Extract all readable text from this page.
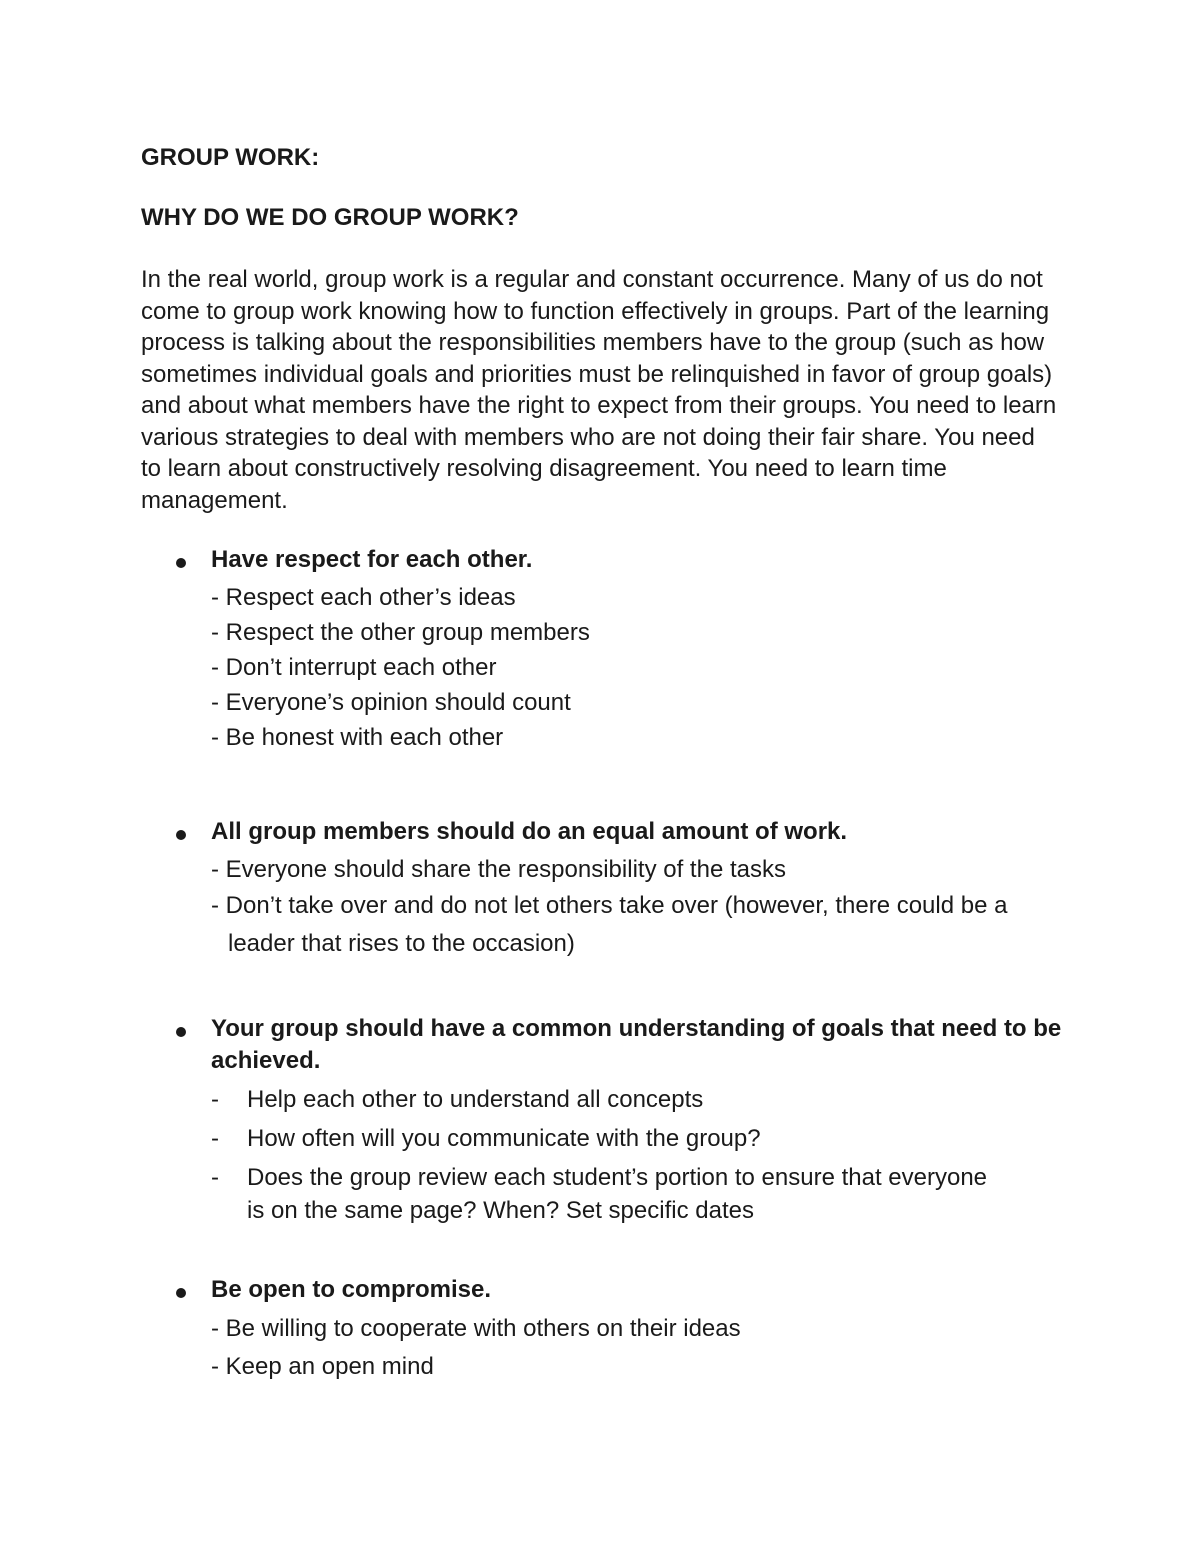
GROUP WORK:

WHY DO WE DO GROUP WORK?

In the real world, group work is a regular and constant occurrence. Many of us do not come to group work knowing how to function effectively in groups. Part of the learning process is talking about the responsibilities members have to the group (such as how sometimes individual goals and priorities must be relinquished in favor of group goals) and about what members have the right to expect from their groups. You need to learn various strategies to deal with members who are not doing their fair share. You need to learn about constructively resolving disagreement. You need to learn time management.

Have respect for each other.

- Respect each other’s ideas

- Respect the other group members

- Don’t interrupt each other

- Everyone’s opinion should count

- Be honest with each other

All group members should do an equal amount of work.

- Everyone should share the responsibility of the tasks

- Don’t take over and do not let others take over (however, there could be a leader that rises to the occasion)

Your group should have a common understanding of goals that need to be achieved.

- Help each other to understand all concepts
- How often will you communicate with the group?
- Does the group review each student’s portion to ensure that everyone is on the same page? When? Set specific dates

Be open to compromise.

- Be willing to cooperate with others on their ideas

- Keep an open mind
